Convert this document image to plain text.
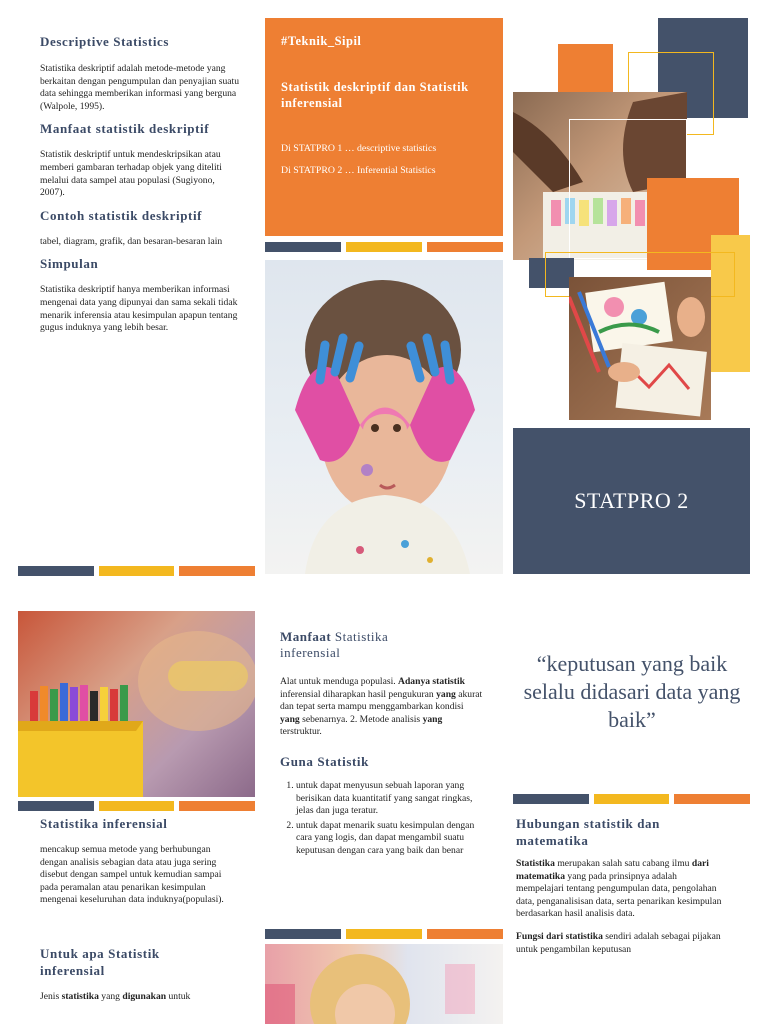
Descriptive Statistics
Statistika deskriptif adalah metode-metode yang berkaitan dengan pengumpulan dan penyajian suatu data sehingga memberikan informasi yang berguna (Walpole, 1995).
Manfaat statistik deskriptif
Statistik deskriptif untuk mendeskripsikan atau memberi gambaran terhadap objek yang diteliti melalui data sampel atau populasi (Sugiyono, 2007).
Contoh statistik deskriptif
tabel, diagram, grafik, dan besaran-besaran lain
Simpulan
Statistika deskriptif hanya memberikan informasi mengenai data yang dipunyai dan sama sekali tidak menarik inferensia atau kesimpulan apapun tentang gugus induknya yang lebih besar.
#Teknik_Sipil
Statistik deskriptif dan Statistik inferensial
Di STATPRO 1 … descriptive statistics
Di STATPRO 2 … Inferential Statistics
STATPRO 2
Statistika inferensial
mencakup semua metode yang berhubungan dengan analisis sebagian data atau juga sering disebut dengan sampel untuk kemudian sampai pada peramalan atau penarikan kesimpulan mengenai keseluruhan data induknya(populasi).
Untuk apa Statistik inferensial
Jenis statistika yang digunakan untuk
Manfaat Statistika inferensial
Alat untuk menduga populasi. Adanya statistik inferensial diharapkan hasil pengukuran yang akurat dan tepat serta mampu menggambarkan kondisi yang sebenarnya. 2. Metode analisis yang terstruktur.
Guna Statistik
1. untuk dapat menyusun sebuah laporan yang berisikan data kuantitatif yang sangat ringkas, jelas dan juga teratur.
2. untuk dapat menarik suatu kesimpulan dengan cara yang logis, dan dapat mengambil suatu keputusan dengan cara yang baik dan benar
“keputusan yang baik selalu didasari data yang baik”
Hubungan statistik dan matematika
Statistika merupakan salah satu cabang ilmu dari matematika yang pada prinsipnya adalah mempelajari tentang pengumpulan data, pengolahan data, penganalisisan data, serta penarikan kesimpulan berdasarkan hasil analisis data.
Fungsi dari statistika sendiri adalah sebagai pijakan untuk pengambilan keputusan
